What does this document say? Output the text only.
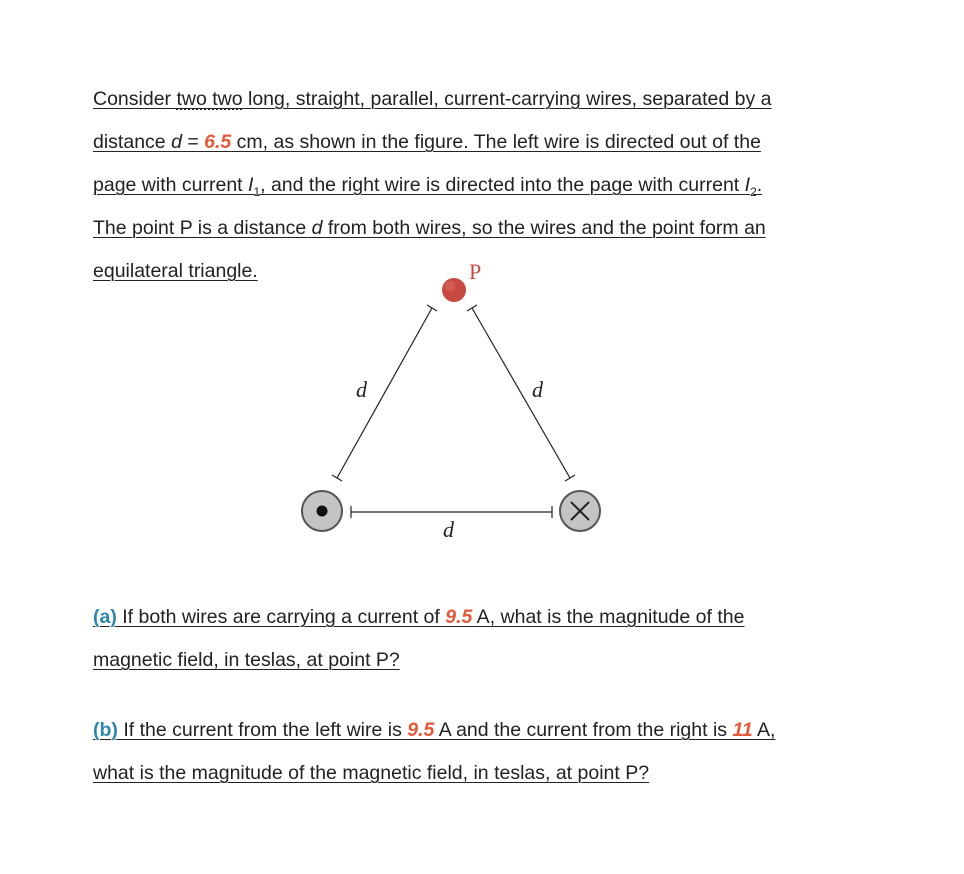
Consider two two long, straight, parallel, current-carrying wires, separated by a
distance d = 6.5 cm, as shown in the figure. The left wire is directed out of the
page with current $I_1$, and the right wire is directed into the page with current $I_2$.
The point P is a distance d from both wires, so the wires and the point form an
equilateral triangle.	P
d	d
d
(a) If both wires are carrying a current of 9.5 A, what is the magnitude of the
magnetic field, in teslas, at point P?
(b) If the current from the left wire is 9.5 A and the current from the right is 11 A,
what is the magnitude of the magnetic field, in teslas, at point P?
